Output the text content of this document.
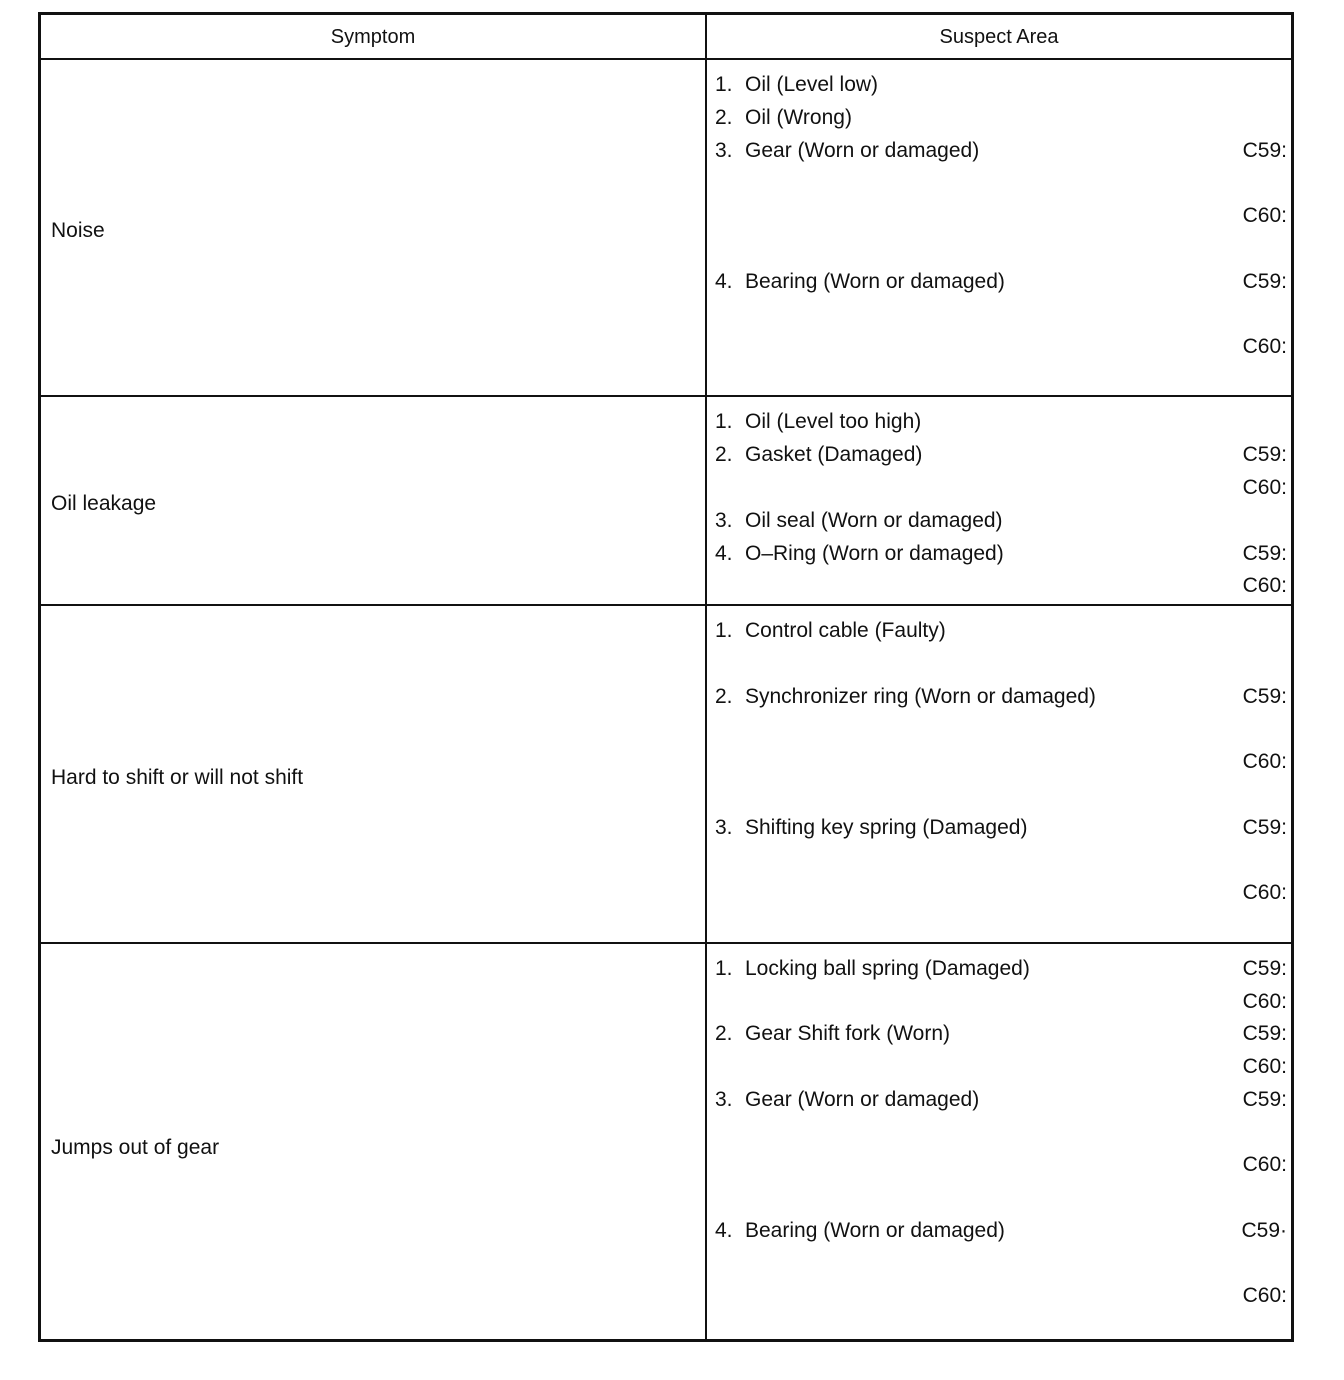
Symptom	Suspect Area
Noise
1. Oil (Level low)
2. Oil (Wrong)
3. Gear (Worn or damaged)
4. Bearing (Worn or damaged)
C59:
C60:
C59:
C60:
Oil leakage
1. Oil (Level too high)
2. Gasket (Damaged)
3. Oil seal (Worn or damaged)
4. O–Ring (Worn or damaged)
C59:
C60:
C59:
C60:
Hard to shift or will not shift
1. Control cable (Faulty)
2. Synchronizer ring (Worn or damaged)
3. Shifting key spring (Damaged)
C59:
C60:
C59:
C60:
Jumps out of gear
1. Locking ball spring (Damaged)
2. Gear Shift fork (Worn)
3. Gear (Worn or damaged)
4. Bearing (Worn or damaged)
C59:
C60:
C59:
C60:
C59:
C60:
C59·
C60:
